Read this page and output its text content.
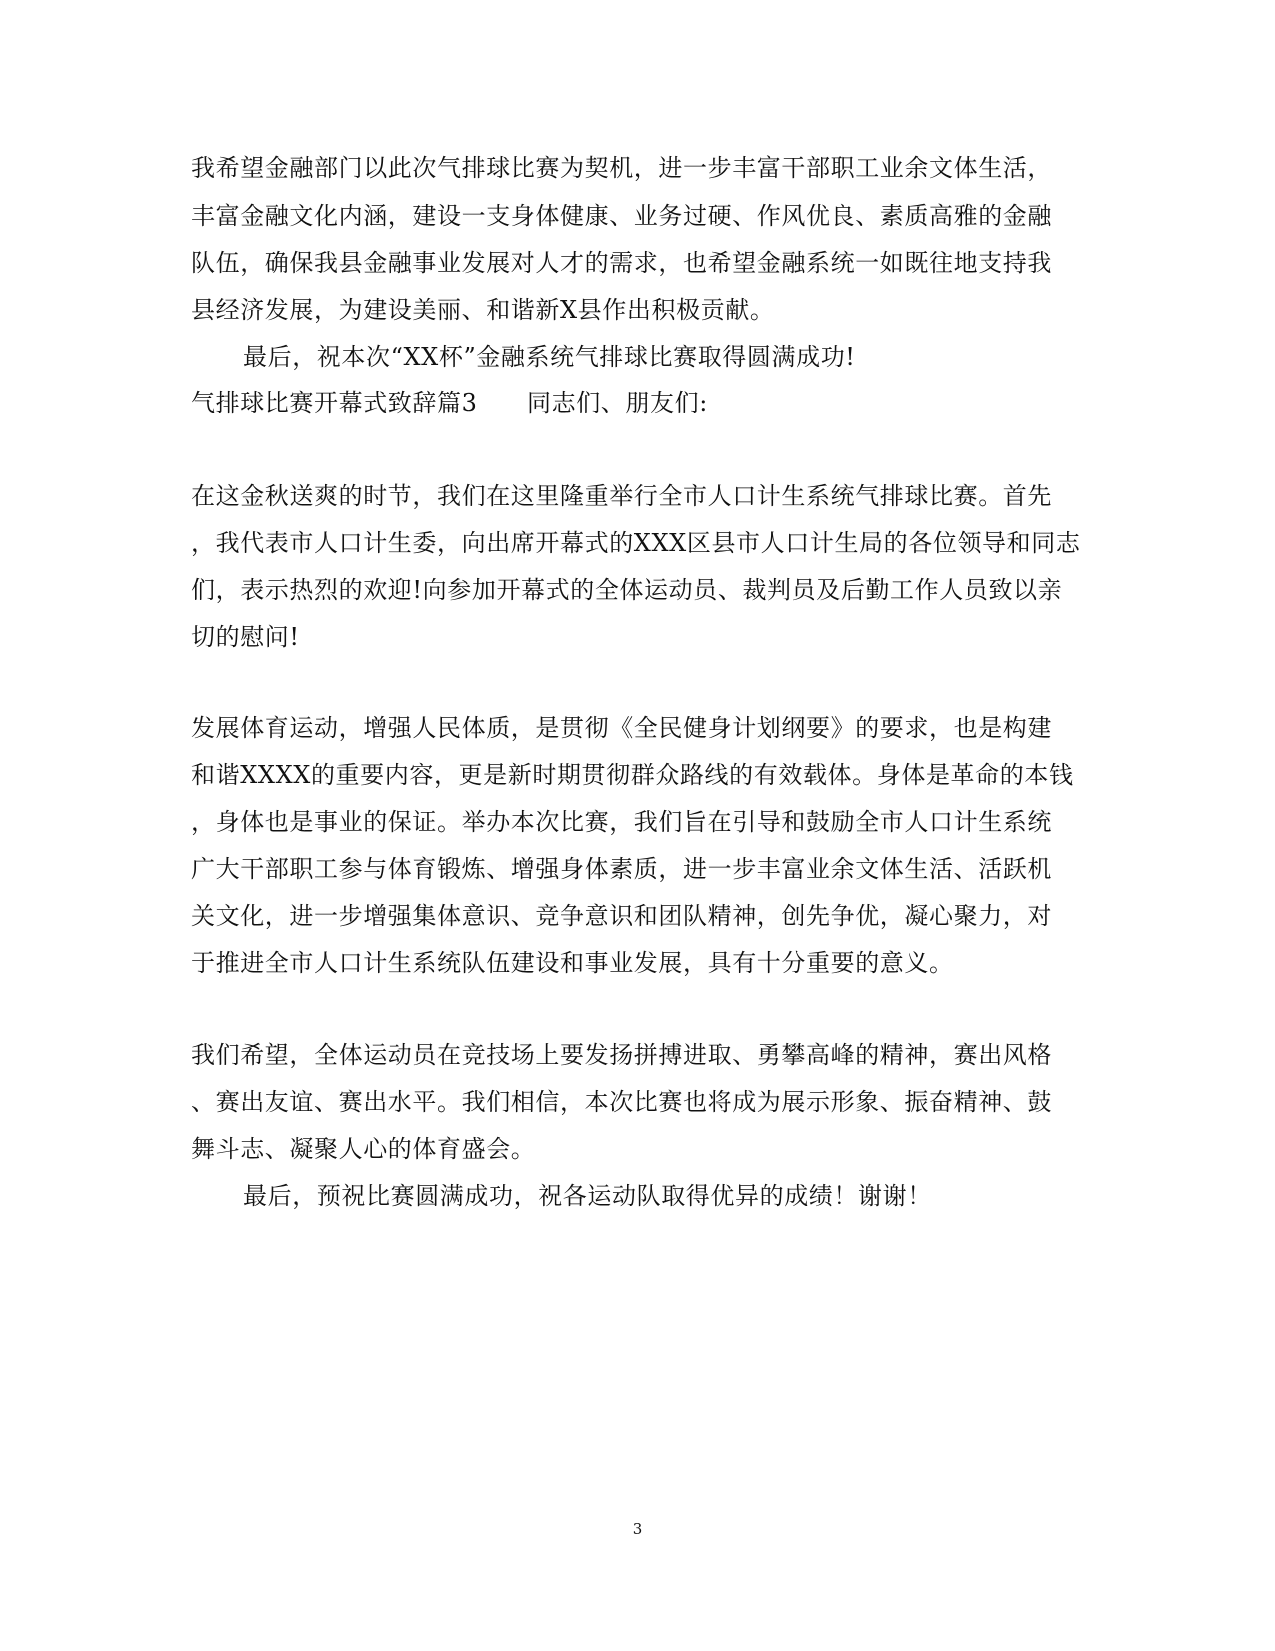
我希望金融部门以此次气排球比赛为契机，进一步丰富干部职工业余文体生活，
丰富金融文化内涵，建设一支身体健康、业务过硬、作风优良、素质高雅的金融
队伍，确保我县金融事业发展对人才的需求，也希望金融系统一如既往地支持我
县经济发展，为建设美丽、和谐新X县作出积极贡献。
最后，祝本次“XX杯”金融系统气排球比赛取得圆满成功!
气排球比赛开幕式致辞篇3 同志们、朋友们:
在这金秋送爽的时节，我们在这里隆重举行全市人口计生系统气排球比赛。首先
，我代表市人口计生委，向出席开幕式的XXX区县市人口计生局的各位领导和同志
们，表示热烈的欢迎!向参加开幕式的全体运动员、裁判员及后勤工作人员致以亲
切的慰问!
发展体育运动，增强人民体质，是贯彻《全民健身计划纲要》的要求，也是构建
和谐XXXX的重要内容，更是新时期贯彻群众路线的有效载体。身体是革命的本钱
，身体也是事业的保证。举办本次比赛，我们旨在引导和鼓励全市人口计生系统
广大干部职工参与体育锻炼、增强身体素质，进一步丰富业余文体生活、活跃机
关文化，进一步增强集体意识、竞争意识和团队精神，创先争优，凝心聚力，对
于推进全市人口计生系统队伍建设和事业发展，具有十分重要的意义。
我们希望，全体运动员在竞技场上要发扬拼搏进取、勇攀高峰的精神，赛出风格
、赛出友谊、赛出水平。我们相信，本次比赛也将成为展示形象、振奋精神、鼓
舞斗志、凝聚人心的体育盛会。
最后，预祝比赛圆满成功，祝各运动队取得优异的成绩！谢谢！
3
